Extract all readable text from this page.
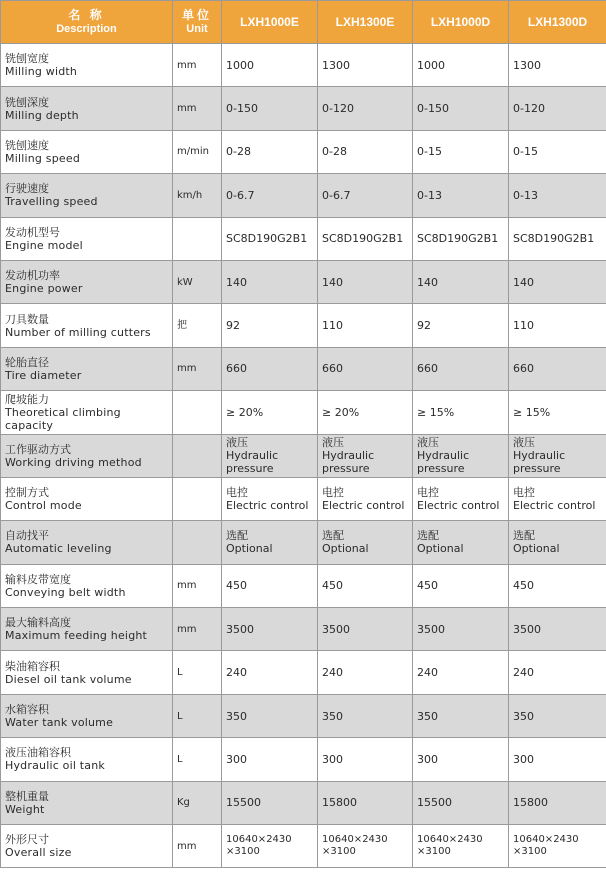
名 称
Description	单位
Unit	LXH1000E	LXH1300E	LXH1000D	LXH1300D

铣刨宽度
Milling width	mm	1000	1300	1000	1300

铣刨深度
Milling depth	mm	0-150	0-120	0-150	0-120

铣刨速度
Milling speed	m/min	0-28	0-28	0-15	0-15

行驶速度
Travelling speed	km/h	0-6.7	0-6.7	0-13	0-13

发动机型号
Engine model		SC8D190G2B1	SC8D190G2B1	SC8D190G2B1	SC8D190G2B1

发动机功率
Engine power	kW	140	140	140	140

刀具数量
Number of milling cutters	把	92	110	92	110

轮胎直径
Tire diameter	mm	660	660	660	660

爬坡能力
Theoretical climbing capacity		≥ 20%	≥ 20%	≥ 15%	≥ 15%

工作驱动方式
Working driving method		液压
Hydraulic
pressure	液压
Hydraulic
pressure	液压
Hydraulic
pressure	液压
Hydraulic
pressure

控制方式
Control mode		电控
Electric control	电控
Electric control	电控
Electric control	电控
Electric control

自动找平
Automatic leveling		选配
Optional	选配
Optional	选配
Optional	选配
Optional

输料皮带宽度
Conveying belt width	mm	450	450	450	450

最大输料高度
Maximum feeding height	mm	3500	3500	3500	3500

柴油箱容积
Diesel oil tank volume	L	240	240	240	240

水箱容积
Water tank volume	L	350	350	350	350

液压油箱容积
Hydraulic oil tank	L	300	300	300	300

整机重量
Weight	Kg	15500	15800	15500	15800

外形尺寸
Overall size	mm	10640×2430
×3100	10640×2430
×3100	10640×2430
×3100	10640×2430
×3100
